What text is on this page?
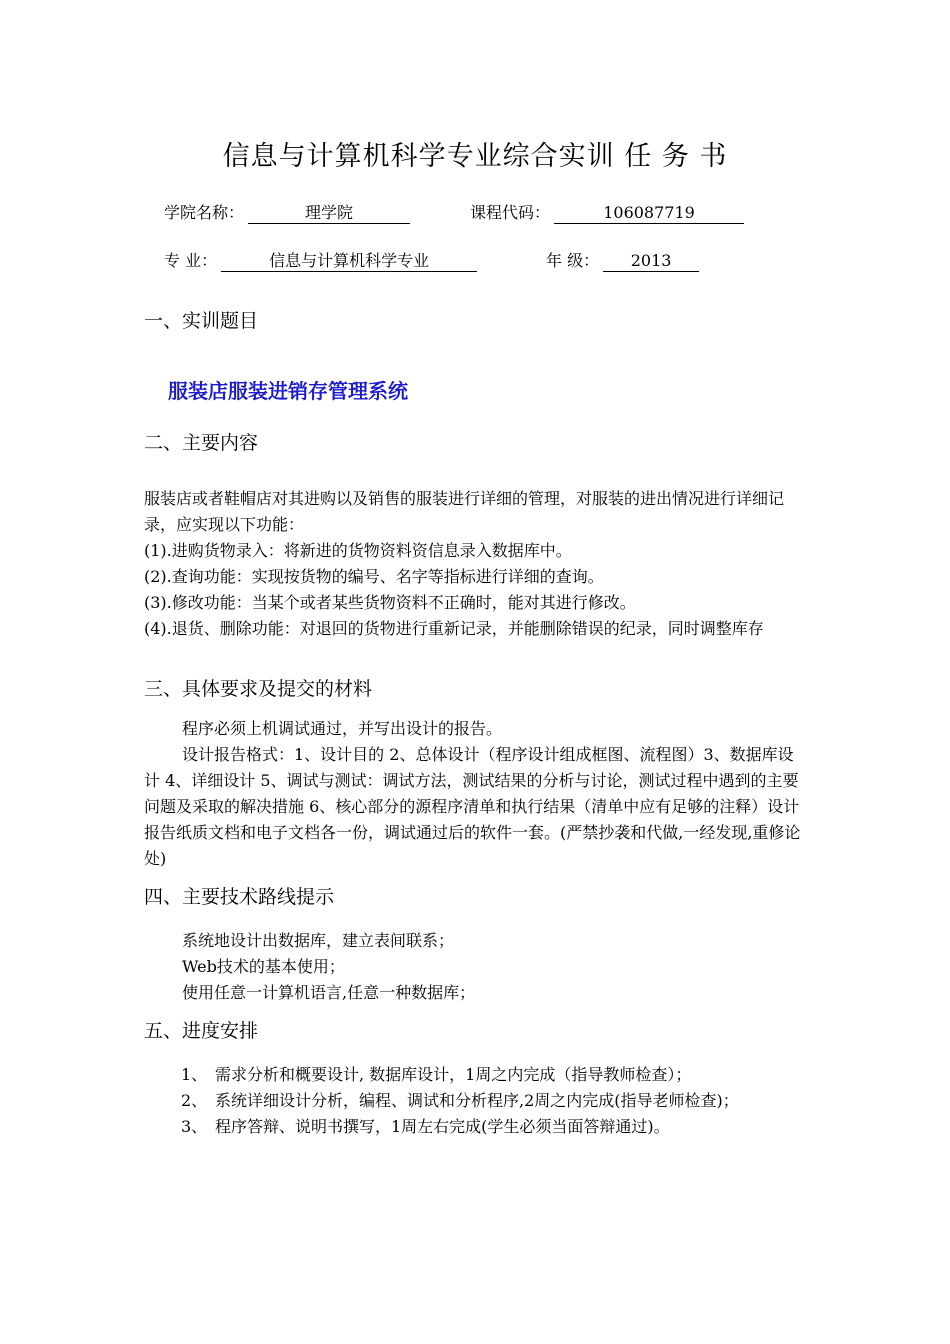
信息与计算机科学专业综合实训 任 务 书
学院名称：	理学院	课程代码：	106087719
专 业：	信息与计算机科学专业	年 级： 2013
一、实训题目
服装店服装进销存管理系统
二、主要内容
服装店或者鞋帽店对其进购以及销售的服装进行详细的管理，对服装的进出情况进行详细记录，应实现以下功能：
(1).进购货物录入：将新进的货物资料资信息录入数据库中。
(2).查询功能：实现按货物的编号、名字等指标进行详细的查询。
(3).修改功能：当某个或者某些货物资料不正确时，能对其进行修改。
(4).退货、删除功能：对退回的货物进行重新记录，并能删除错误的纪录，同时调整库存
三、具体要求及提交的材料
程序必须上机调试通过，并写出设计的报告。
设计报告格式：1、设计目的 2、总体设计（程序设计组成框图、流程图）3、数据库设计 4、详细设计 5、调试与测试：调试方法，测试结果的分析与讨论，测试过程中遇到的主要问题及采取的解决措施 6、核心部分的源程序清单和执行结果（清单中应有足够的注释）设计报告纸质文档和电子文档各一份，调试通过后的软件一套。(严禁抄袭和代做,一经发现,重修论处)
四、主要技术路线提示
系统地设计出数据库，建立表间联系；
Web技术的基本使用；
使用任意一计算机语言,任意一种数据库；
五、进度安排
1、 需求分析和概要设计, 数据库设计，1周之内完成（指导教师检查）；
2、 系统详细设计分析，编程、调试和分析程序,2周之内完成(指导老师检查)；
3、 程序答辩、说明书撰写，1周左右完成(学生必须当面答辩通过)。
